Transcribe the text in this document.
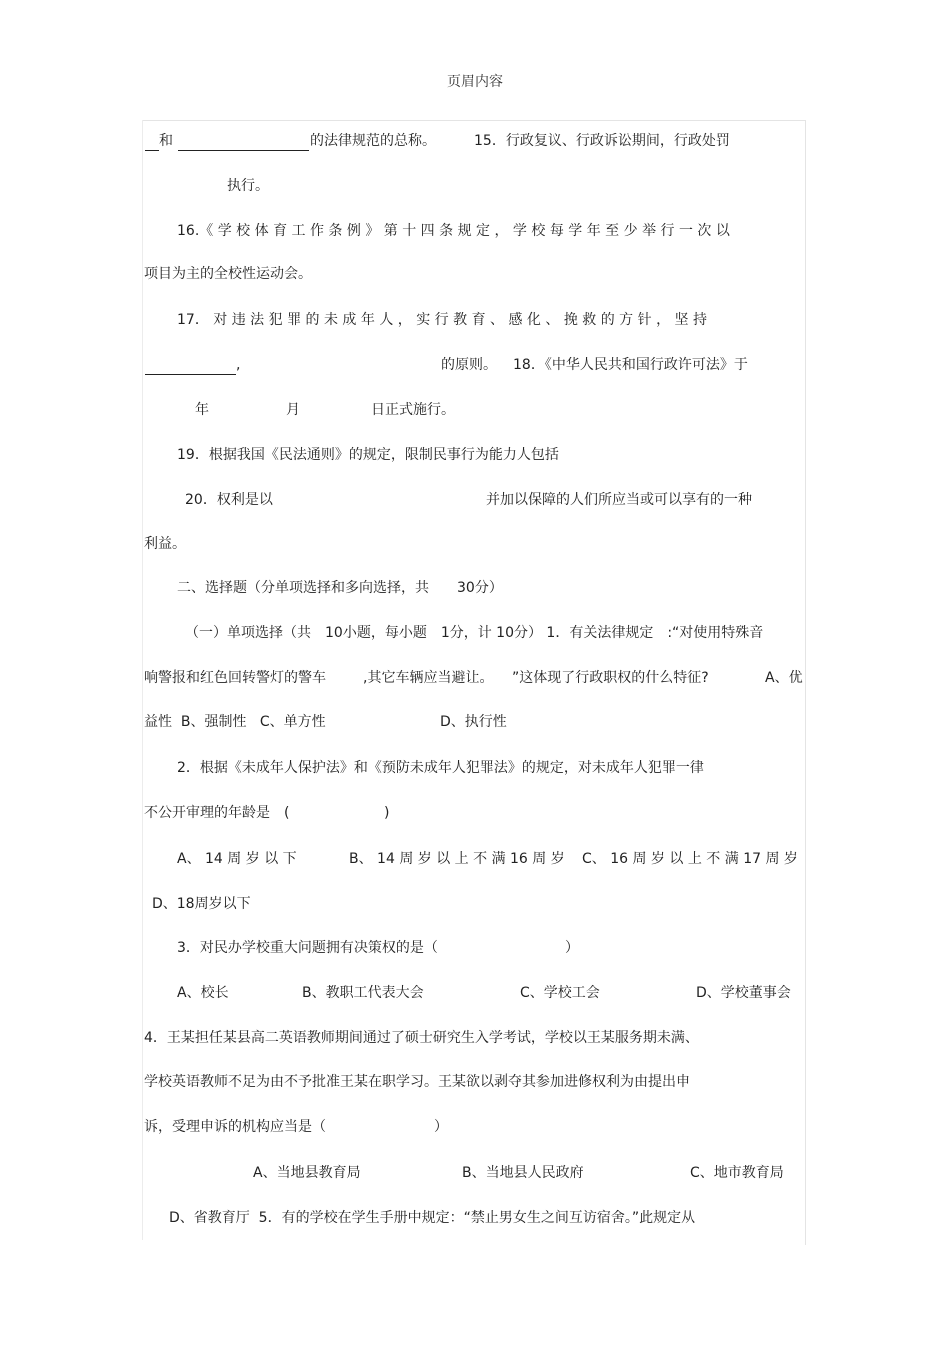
页眉内容
和	的法律规范的总称。	15．行政复议、行政诉讼期间，行政处罚
执行。
16.《 学 校 体 育 工 作 条 例 》 第 十 四 条 规 定 ， 学 校 每 学 年 至 少 举 行 一 次 以
项目为主的全校性运动会。
17． 对 违 法 犯 罪 的 未 成 年 人 ， 实 行 教 育 、 感 化 、 挽 救 的 方 针 ， 坚 持
,	的原则。 18．《中华人民共和国行政许可法》于
年	月	日正式施行。
19．根据我国《民法通则》的规定，限制民事行为能力人包括
20．权利是以	并加以保障的人们所应当或可以享有的一种
利益。
二、选择题（分单项选择和多向选择，共　　30分）
（一）单项选择（共　10小题，每小题　1分，计 10分） 1．有关法律规定　:“对使用特殊音
响警报和红色回转警灯的警车	,其它车辆应当避让。 ”这体现了行政职权的什么特征?	A、优
益性  B、强制性   C、单方性	D、执行性
2．根据《未成年人保护法》和《预防未成年人犯罪法》的规定，对未成年人犯罪一律
不公开审理的年龄是　(	)
A、 14 周 岁 以 下	B、 14 周 岁 以 上 不 满 16 周 岁 C、 16 周 岁 以 上 不 满 17 周 岁
D、18周岁以下
3．对民办学校重大问题拥有决策权的是（	）
A、校长	B、教职工代表大会	C、学校工会	D、学校董事会
4．王某担任某县高二英语教师期间通过了硕士研究生入学考试，学校以王某服务期未满、
学校英语教师不足为由不予批准王某在职学习。王某欲以剥夺其参加进修权利为由提出申
诉，受理申诉的机构应当是（	）
A、当地县教育局	B、当地县人民政府	C、地市教育局
D、省教育厅  5．有的学校在学生手册中规定：“禁止男女生之间互访宿舍。”此规定从
